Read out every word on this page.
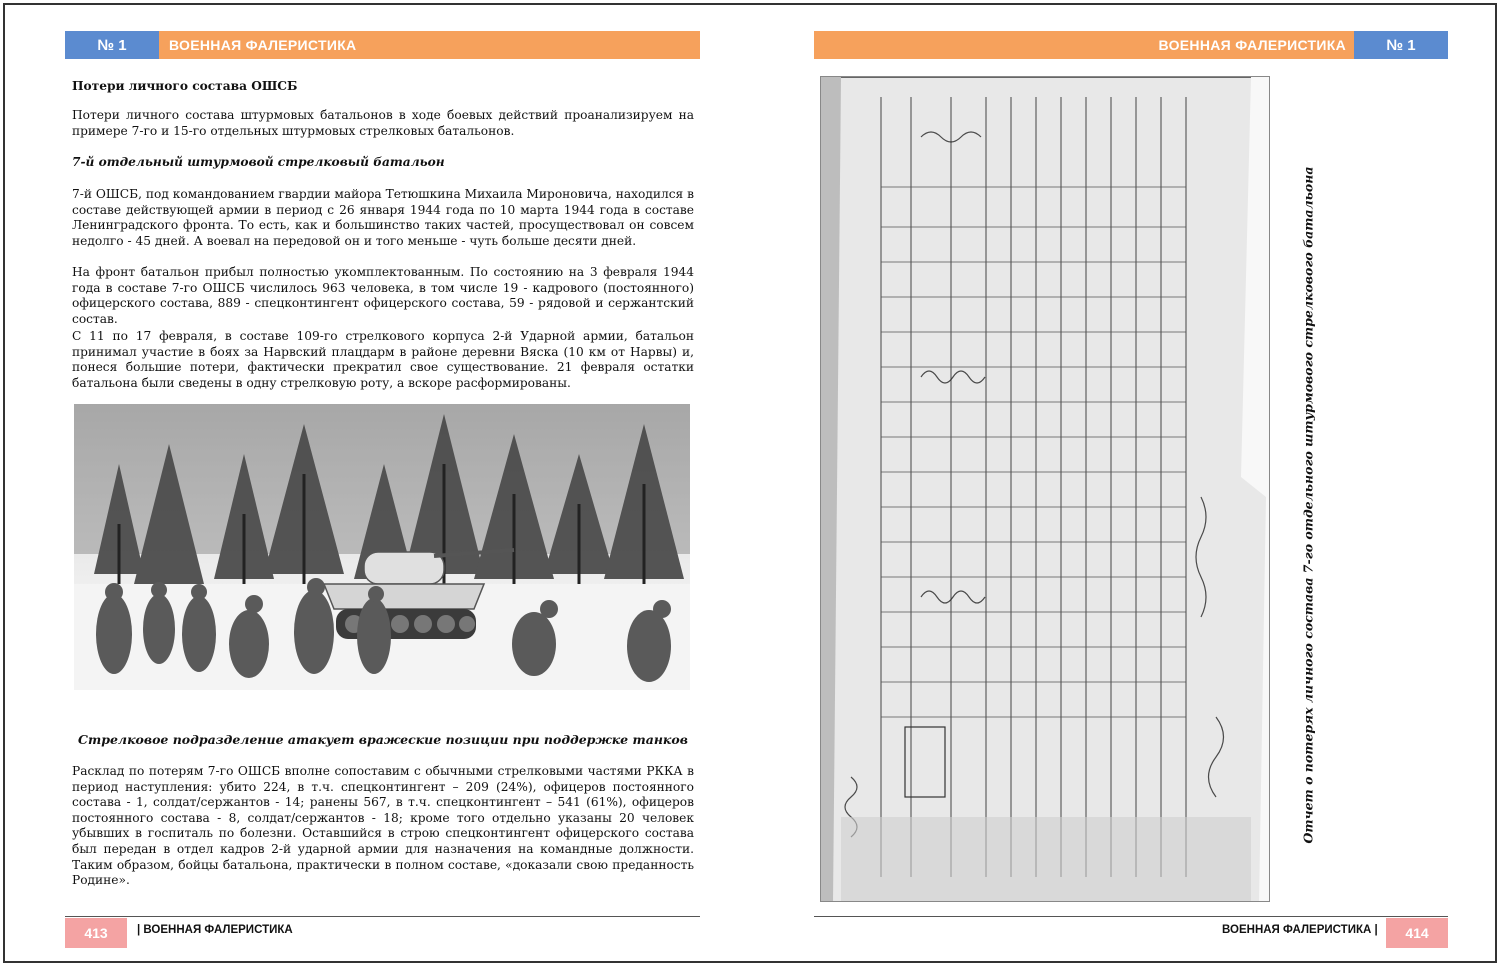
№ 1	ВОЕННАЯ ФАЛЕРИСТИКА	ВОЕННАЯ ФАЛЕРИСТИКА	№ 1
Потери личного состава ОШСБ

Потери личного состава штурмовых батальонов в ходе боевых действий проанализируем на примере 7-го и 15-го отдельных штурмовых стрелковых батальонов.

7-й отдельный штурмовой стрелковый батальон

7-й ОШСБ, под командованием гвардии майора Тетюшкина Михаила Мироновича, находился в составе действующей армии в период с 26 января 1944 года по 10 марта 1944 года в составе Ленинградского фронта. То есть, как и большинство таких частей, просуществовал он совсем недолго - 45 дней. А воевал на передовой он и того меньше - чуть больше десяти дней.

На фронт батальон прибыл полностью укомплектованным. По состоянию на 3 февраля 1944 года в составе 7-го ОШСБ числилось 963 человека, в том числе 19 - кадрового (постоянного) офицерского состава, 889 - спецконтингент офицерского состава, 59 - рядовой и сержантский состав.

С 11 по 17 февраля, в составе 109-го стрелкового корпуса 2-й Ударной армии, батальон принимал участие в боях за Нарвский плацдарм в районе деревни Вяска (10 км от Нарвы) и, понеся большие потери, фактически прекратил свое существование. 21 февраля остатки батальона были сведены в одну стрелковую роту, а вскоре расформированы.

Стрелковое подразделение атакует вражеские позиции при поддержке танков

Расклад по потерям 7-го ОШСБ вполне сопоставим с обычными стрелковыми частями РККА в период наступления: убито 224, в т.ч. спецконтингент – 209 (24%), офицеров постоянного состава - 1, солдат/сержантов - 14; ранены 567, в т.ч. спецконтингент – 541 (61%), офицеров постоянного состава - 8, солдат/сержантов - 18; кроме того отдельно указаны 20 человек убывших в госпиталь по болезни. Оставшийся в строю спецконтингент офицерского состава был передан в отдел кадров 2-й ударной армии для назначения на командные должности. Таким образом, бойцы батальона, практически в полном составе, «доказали свою преданность Родине».

413	| ВОЕННАЯ ФАЛЕРИСТИКА
Отчет о потерях личного состава 7-го отдельного штурмового стрелкового батальона
ВОЕННАЯ ФАЛЕРИСТИКА |	414
